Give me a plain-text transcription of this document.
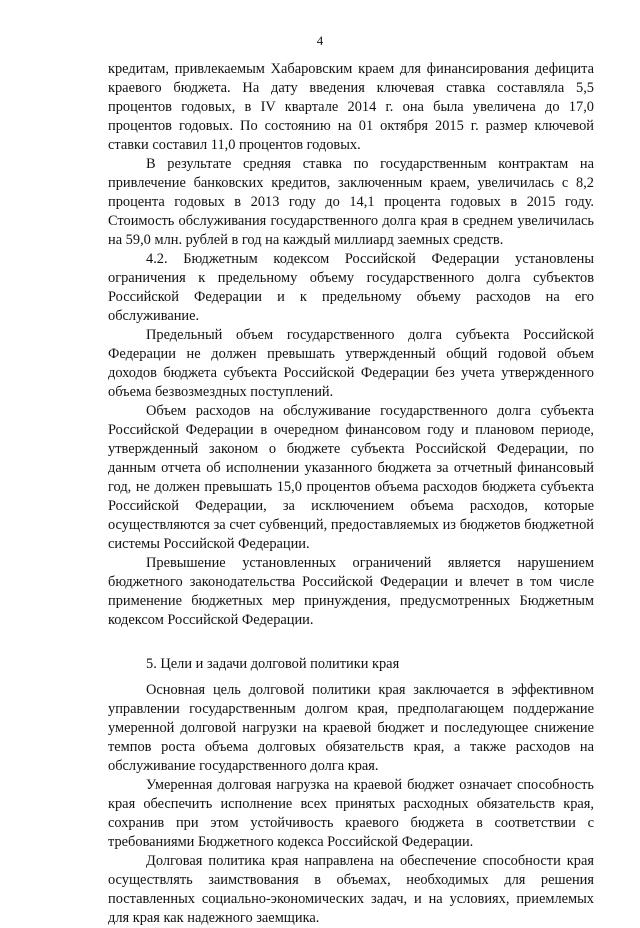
4

кредитам, привлекаемым Хабаровским краем для финансирования дефицита краевого бюджета. На дату введения ключевая ставка составляла 5,5 процентов годовых, в IV квартале 2014 г. она была увеличена до 17,0 процентов годовых. По состоянию на 01 октября 2015 г. размер ключевой ставки составил 11,0 процентов годовых.

В результате средняя ставка по государственным контрактам на привлечение банковских кредитов, заключенным краем, увеличилась с 8,2 процента годовых в 2013 году до 14,1 процента годовых в 2015 году. Стоимость обслуживания государственного долга края в среднем увеличилась на 59,0 млн. рублей в год на каждый миллиард заемных средств.

4.2. Бюджетным кодексом Российской Федерации установлены ограничения к предельному объему государственного долга субъектов Российской Федерации и к предельному объему расходов на его обслуживание.

Предельный объем государственного долга субъекта Российской Федерации не должен превышать утвержденный общий годовой объем доходов бюджета субъекта Российской Федерации без учета утвержденного объема безвозмездных поступлений.

Объем расходов на обслуживание государственного долга субъекта Российской Федерации в очередном финансовом году и плановом периоде, утвержденный законом о бюджете субъекта Российской Федерации, по данным отчета об исполнении указанного бюджета за отчетный финансовый год, не должен превышать 15,0 процентов объема расходов бюджета субъекта Российской Федерации, за исключением объема расходов, которые осуществляются за счет субвенций, предоставляемых из бюджетов бюджетной системы Российской Федерации.

Превышение установленных ограничений является нарушением бюджетного законодательства Российской Федерации и влечет в том числе применение бюджетных мер принуждения, предусмотренных Бюджетным кодексом Российской Федерации.

5. Цели и задачи долговой политики края

Основная цель долговой политики края заключается в эффективном управлении государственным долгом края, предполагающем поддержание умеренной долговой нагрузки на краевой бюджет и последующее снижение темпов роста объема долговых обязательств края, а также расходов на обслуживание государственного долга края.

Умеренная долговая нагрузка на краевой бюджет означает способность края обеспечить исполнение всех принятых расходных обязательств края, сохранив при этом устойчивость краевого бюджета в соответствии с требованиями Бюджетного кодекса Российской Федерации.

Долговая политика края направлена на обеспечение способности края осуществлять заимствования в объемах, необходимых для решения поставленных социально-экономических задач, и на условиях, приемлемых для края как надежного заемщика.
